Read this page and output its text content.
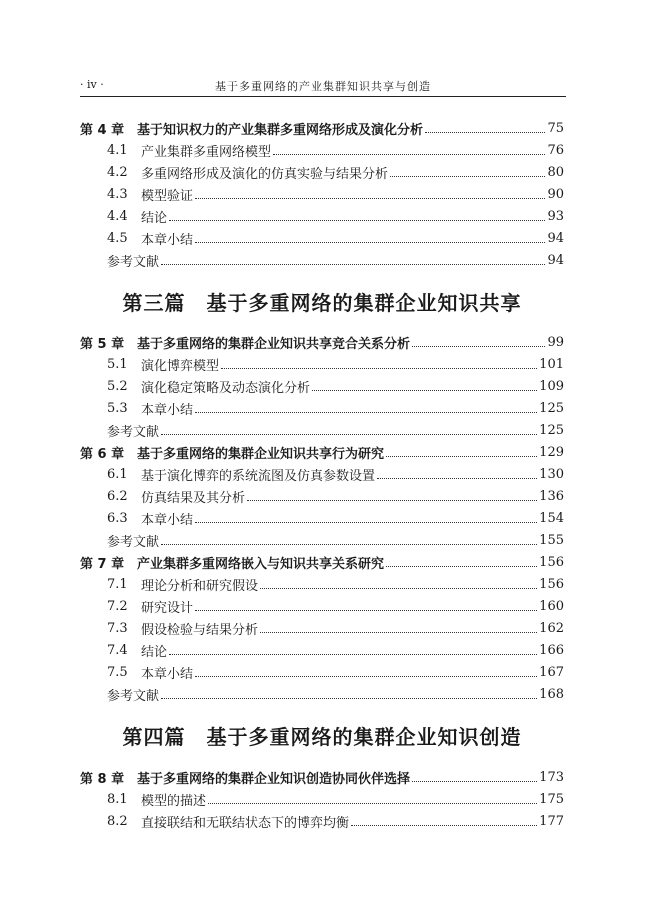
· iv ·	基于多重网络的产业集群知识共享与创造
第 4 章 基于知识权力的产业集群多重网络形成及演化分析	75
4.1	产业集群多重网络模型	76
4.2	多重网络形成及演化的仿真实验与结果分析	80
4.3	模型验证	90
4.4	结论	93
4.5	本章小结	94
参考文献	94
第三篇　基于多重网络的集群企业知识共享
第 5 章 基于多重网络的集群企业知识共享竞合关系分析	99
5.1	演化博弈模型	101
5.2	演化稳定策略及动态演化分析	109
5.3	本章小结	125
参考文献	125
第 6 章 基于多重网络的集群企业知识共享行为研究	129
6.1	基于演化博弈的系统流图及仿真参数设置	130
6.2	仿真结果及其分析	136
6.3	本章小结	154
参考文献	155
第 7 章 产业集群多重网络嵌入与知识共享关系研究	156
7.1	理论分析和研究假设	156
7.2	研究设计	160
7.3	假设检验与结果分析	162
7.4	结论	166
7.5	本章小结	167
参考文献	168
第四篇　基于多重网络的集群企业知识创造
第 8 章 基于多重网络的集群企业知识创造协同伙伴选择	173
8.1	模型的描述	175
8.2	直接联结和无联结状态下的博弈均衡	177
